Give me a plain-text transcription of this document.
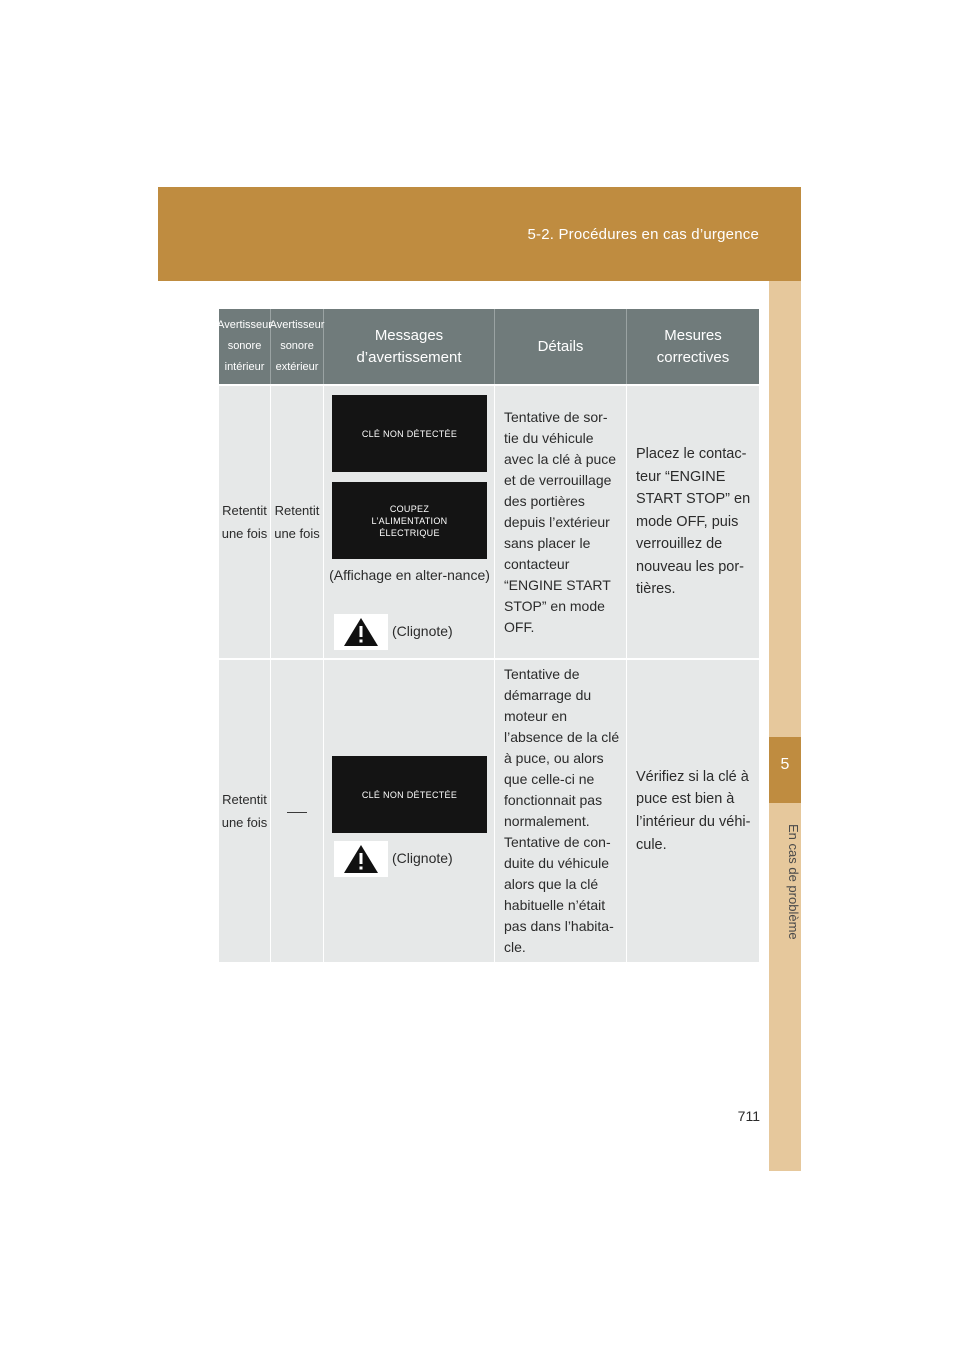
5-2. Procédures en cas d’urgence
5
En cas de problème
Avertisseur sonore intérieur
Avertisseur sonore extérieur
Messages d’avertissement
Détails
Mesures correctives
Retentit une fois
Retentit une fois
CLÉ NON DÉTECTÉE
COUPEZ
L’ALIMENTATION
ÉLECTRIQUE
(Affichage en alter-nance)
(Clignote)
Tentative de sor-tie du véhicule avec la clé à puce et de verrouillage des portières depuis l’extérieur sans placer le contacteur “ENGINE START STOP” en mode OFF.
Placez le contac-teur “ENGINE START STOP” en mode OFF, puis verrouillez de nouveau les por-tières.
Retentit une fois
CLÉ NON DÉTECTÉE
(Clignote)
Tentative de démarrage du moteur en l’absence de la clé à puce, ou alors que celle-ci ne fonctionnait pas normalement. Tentative de con-duite du véhicule alors que la clé habituelle n’était pas dans l’habita-cle.
Vérifiez si la clé à puce est bien à l’intérieur du véhi-cule.
711
